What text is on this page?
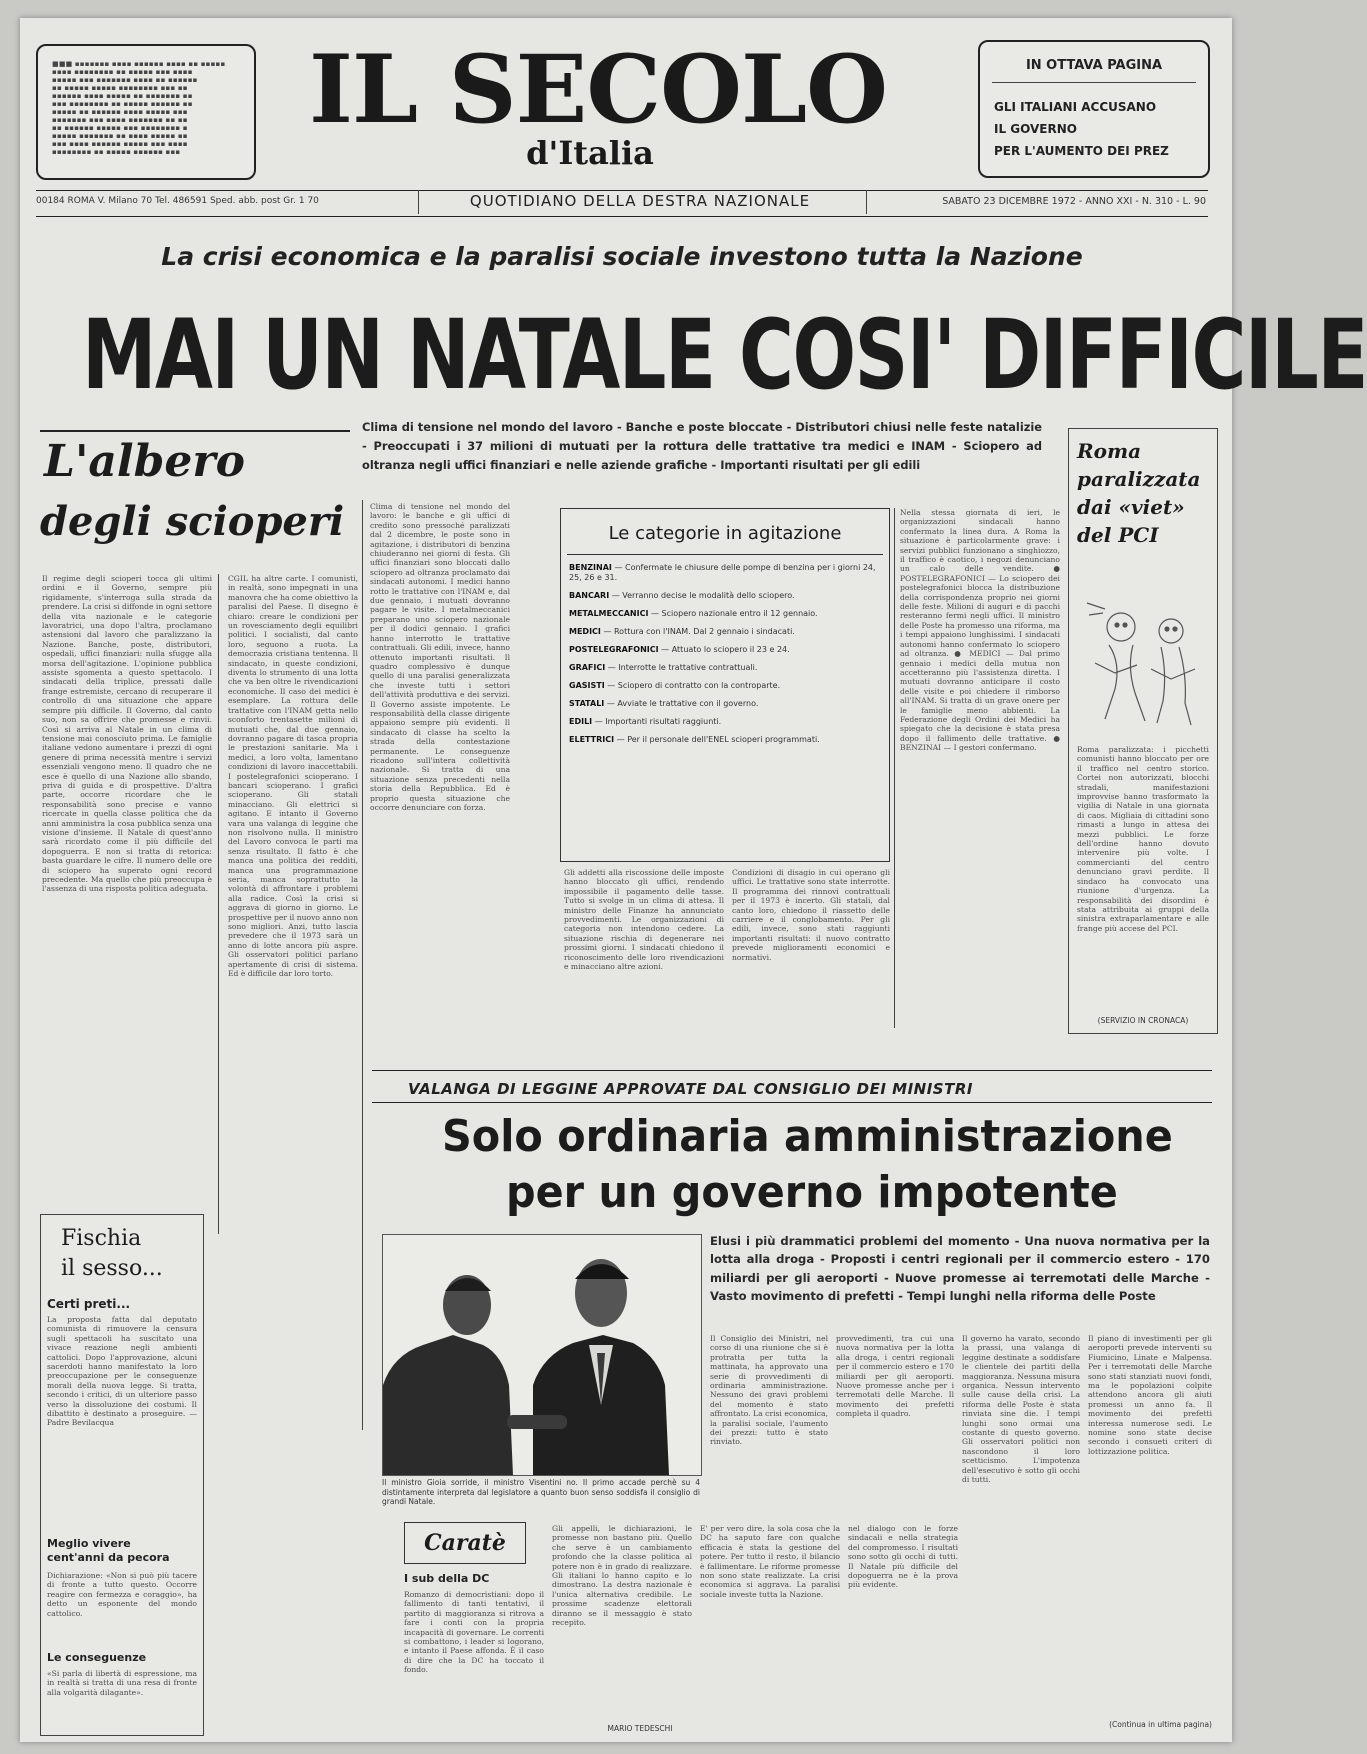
■■■ ▪▪▪▪▪▪▪ ▪▪▪▪ ▪▪▪▪▪▪ ▪▪▪▪ ▪▪ ▪▪▪▪▪
▪▪▪▪ ▪▪▪▪▪▪▪▪ ▪▪ ▪▪▪▪▪ ▪▪▪ ▪▪▪▪
▪▪▪▪▪ ▪▪▪ ▪▪▪▪▪▪▪ ▪▪▪▪ ▪▪ ▪▪▪▪▪▪
▪▪ ▪▪▪▪▪ ▪▪▪▪▪ ▪▪▪▪▪▪▪▪ ▪▪▪ ▪▪
▪▪▪▪▪▪ ▪▪▪▪ ▪▪▪▪▪ ▪▪ ▪▪▪▪▪▪▪ ▪▪
▪▪▪ ▪▪▪▪▪▪▪▪ ▪▪ ▪▪▪▪▪ ▪▪▪▪▪▪ ▪▪
▪▪▪▪▪ ▪▪ ▪▪▪▪▪▪ ▪▪▪▪ ▪▪▪▪▪ ▪▪▪
▪▪▪▪▪▪▪ ▪▪▪ ▪▪▪▪ ▪▪▪▪▪▪▪ ▪▪ ▪▪
▪▪ ▪▪▪▪▪▪ ▪▪▪▪▪ ▪▪▪ ▪▪▪▪▪▪▪▪ ▪
▪▪▪▪▪ ▪▪▪▪▪▪▪ ▪▪ ▪▪▪▪ ▪▪▪▪▪ ▪▪
▪▪▪ ▪▪▪▪ ▪▪▪▪▪▪ ▪▪▪▪▪ ▪▪▪ ▪▪▪▪
▪▪▪▪▪▪▪▪ ▪▪ ▪▪▪▪▪ ▪▪▪▪▪▪ ▪▪▪
IL SECOLO
d'Italia
IN OTTAVA PAGINA
GLI ITALIANI ACCUSANO
IL GOVERNO
PER L'AUMENTO DEI PREZ
00184 ROMA V. Milano 70 Tel. 486591 Sped. abb. post Gr. 1 70	QUOTIDIANO DELLA DESTRA NAZIONALE	SABATO 23 DICEMBRE 1972 - ANNO XXI - N. 310 - L. 90
La crisi economica e la paralisi sociale investono tutta la Nazione
MAI UN NATALE COSI' DIFFICILE
Clima di tensione nel mondo del lavoro - Banche e poste bloccate - Distributori chiusi nelle feste natalizie - Preoccupati i 37 milioni di mutuati per la rottura delle trattative tra medici e INAM - Sciopero ad oltranza negli uffici finanziari e nelle aziende grafiche - Importanti risultati per gli edili
L'albero
degli scioperi
Il regime degli scioperi tocca gli ultimi ordini e il Governo, sempre più rigidamente, s'interroga sulla strada da prendere. La crisi si diffonde in ogni settore della vita nazionale e le categorie lavoratrici, una dopo l'altra, proclamano astensioni dal lavoro che paralizzano la Nazione. Banche, poste, distributori, ospedali, uffici finanziari: nulla sfugge alla morsa dell'agitazione. L'opinione pubblica assiste sgomenta a questo spettacolo. I sindacati della triplice, pressati dalle frange estremiste, cercano di recuperare il controllo di una situazione che appare sempre più difficile. Il Governo, dal canto suo, non sa offrire che promesse e rinvii. Così si arriva al Natale in un clima di tensione mai conosciuto prima. Le famiglie italiane vedono aumentare i prezzi di ogni genere di prima necessità mentre i servizi essenziali vengono meno. Il quadro che ne esce è quello di una Nazione allo sbando, priva di guida e di prospettive. D'altra parte, occorre ricordare che le responsabilità sono precise e vanno ricercate in quella classe politica che da anni amministra la cosa pubblica senza una visione d'insieme. Il Natale di quest'anno sarà ricordato come il più difficile del dopoguerra. E non si tratta di retorica: basta guardare le cifre. Il numero delle ore di sciopero ha superato ogni record precedente. Ma quello che più preoccupa è l'assenza di una risposta politica adeguata.
CGIL ha altre carte. I comunisti, in realtà, sono impegnati in una manovra che ha come obiettivo la paralisi del Paese. Il disegno è chiaro: creare le condizioni per un rovesciamento degli equilibri politici. I socialisti, dal canto loro, seguono a ruota. La democrazia cristiana tentenna. Il sindacato, in queste condizioni, diventa lo strumento di una lotta che va ben oltre le rivendicazioni economiche. Il caso dei medici è esemplare. La rottura delle trattative con l'INAM getta nello sconforto trentasette milioni di mutuati che, dal due gennaio, dovranno pagare di tasca propria le prestazioni sanitarie. Ma i medici, a loro volta, lamentano condizioni di lavoro inaccettabili. I postelegrafonici scioperano. I bancari scioperano. I grafici scioperano. Gli statali minacciano. Gli elettrici si agitano. E intanto il Governo vara una valanga di leggine che non risolvono nulla. Il ministro del Lavoro convoca le parti ma senza risultato. Il fatto è che manca una politica dei redditi, manca una programmazione seria, manca soprattutto la volontà di affrontare i problemi alla radice. Così la crisi si aggrava di giorno in giorno. Le prospettive per il nuovo anno non sono migliori. Anzi, tutto lascia prevedere che il 1973 sarà un anno di lotte ancora più aspre. Gli osservatori politici parlano apertamente di crisi di sistema. Ed è difficile dar loro torto.
Clima di tensione nel mondo del lavoro: le banche e gli uffici di credito sono pressoché paralizzati dal 2 dicembre, le poste sono in agitazione, i distributori di benzina chiuderanno nei giorni di festa. Gli uffici finanziari sono bloccati dallo sciopero ad oltranza proclamato dai sindacati autonomi. I medici hanno rotto le trattative con l'INAM e, dal due gennaio, i mutuati dovranno pagare le visite. I metalmeccanici preparano uno sciopero nazionale per il dodici gennaio. I grafici hanno interrotto le trattative contrattuali. Gli edili, invece, hanno ottenuto importanti risultati. Il quadro complessivo è dunque quello di una paralisi generalizzata che investe tutti i settori dell'attività produttiva e dei servizi. Il Governo assiste impotente. Le responsabilità della classe dirigente appaiono sempre più evidenti. Il sindacato di classe ha scelto la strada della contestazione permanente. Le conseguenze ricadono sull'intera collettività nazionale. Si tratta di una situazione senza precedenti nella storia della Repubblica. Ed è proprio questa situazione che occorre denunciare con forza.
Le categorie in agitazione
BENZINAI — Confermate le chiusure delle pompe di benzina per i giorni 24, 25, 26 e 31.
BANCARI — Verranno decise le modalità dello sciopero.
METALMECCANICI — Sciopero nazionale entro il 12 gennaio.
MEDICI — Rottura con l'INAM. Dal 2 gennaio i sindacati.
POSTELEGRAFONICI — Attuato lo sciopero il 23 e 24.
GRAFICI — Interrotte le trattative contrattuali.
GASISTI — Sciopero di contratto con la controparte.
STATALI — Avviate le trattative con il governo.
EDILI — Importanti risultati raggiunti.
ELETTRICI — Per il personale dell'ENEL scioperi programmati.
Nella stessa giornata di ieri, le organizzazioni sindacali hanno confermato la linea dura. A Roma la situazione è particolarmente grave: i servizi pubblici funzionano a singhiozzo, il traffico è caotico, i negozi denunciano un calo delle vendite. ● POSTELEGRAFONICI — Lo sciopero dei postelegrafonici blocca la distribuzione della corrispondenza proprio nei giorni delle feste. Milioni di auguri e di pacchi resteranno fermi negli uffici. Il ministro delle Poste ha promesso una riforma, ma i tempi appaiono lunghissimi. I sindacati autonomi hanno confermato lo sciopero ad oltranza. ● MEDICI — Dal primo gennaio i medici della mutua non accetteranno più l'assistenza diretta. I mutuati dovranno anticipare il costo delle visite e poi chiedere il rimborso all'INAM. Si tratta di un grave onere per le famiglie meno abbienti. La Federazione degli Ordini dei Medici ha spiegato che la decisione è stata presa dopo il fallimento delle trattative. ● BENZINAI — I gestori confermano.
Roma paralizzata dai «viet» del PCI
Roma paralizzata: i picchetti comunisti hanno bloccato per ore il traffico nel centro storico. Cortei non autorizzati, blocchi stradali, manifestazioni improvvise hanno trasformato la vigilia di Natale in una giornata di caos. Migliaia di cittadini sono rimasti a lungo in attesa dei mezzi pubblici. Le forze dell'ordine hanno dovuto intervenire più volte. I commercianti del centro denunciano gravi perdite. Il sindaco ha convocato una riunione d'urgenza. La responsabilità dei disordini è stata attribuita ai gruppi della sinistra extraparlamentare e alle frange più accese del PCI.
(SERVIZIO IN CRONACA)
Gli addetti alla riscossione delle imposte hanno bloccato gli uffici, rendendo impossibile il pagamento delle tasse. Tutto si svolge in un clima di attesa. Il ministro delle Finanze ha annunciato provvedimenti. Le organizzazioni di categoria non intendono cedere. La situazione rischia di degenerare nei prossimi giorni. I sindacati chiedono il riconoscimento delle loro rivendicazioni e minacciano altre azioni.
Condizioni di disagio in cui operano gli uffici. Le trattative sono state interrotte. Il programma dei rinnovi contrattuali per il 1973 è incerto. Gli statali, dal canto loro, chiedono il riassetto delle carriere e il conglobamento. Per gli edili, invece, sono stati raggiunti importanti risultati: il nuovo contratto prevede miglioramenti economici e normativi.
VALANGA DI LEGGINE APPROVATE DAL CONSIGLIO DEI MINISTRI
Solo ordinaria amministrazione
per un governo impotente
Il ministro Gioia sorride, il ministro Visentini no. Il primo accade perchè su 4 distintamente interpreta dal legislatore a quanto buon senso soddisfa il consiglio di grandi Natale.
Elusi i più drammatici problemi del momento - Una nuova normativa per la lotta alla droga - Proposti i centri regionali per il commercio estero - 170 miliardi per gli aeroporti - Nuove promesse ai terremotati delle Marche - Vasto movimento di prefetti - Tempi lunghi nella riforma delle Poste
Il Consiglio dei Ministri, nel corso di una riunione che si è protratta per tutta la mattinata, ha approvato una serie di provvedimenti di ordinaria amministrazione. Nessuno dei gravi problemi del momento è stato affrontato. La crisi economica, la paralisi sociale, l'aumento dei prezzi: tutto è stato rinviato.
provvedimenti, tra cui una nuova normativa per la lotta alla droga, i centri regionali per il commercio estero e 170 miliardi per gli aeroporti. Nuove promesse anche per i terremotati delle Marche. Il movimento dei prefetti completa il quadro.
Il governo ha varato, secondo la prassi, una valanga di leggine destinate a soddisfare le clientele dei partiti della maggioranza. Nessuna misura organica. Nessun intervento sulle cause della crisi. La riforma delle Poste è stata rinviata sine die. I tempi lunghi sono ormai una costante di questo governo. Gli osservatori politici non nascondono il loro scetticismo. L'impotenza dell'esecutivo è sotto gli occhi di tutti.
Il piano di investimenti per gli aeroporti prevede interventi su Fiumicino, Linate e Malpensa. Per i terremotati delle Marche sono stati stanziati nuovi fondi, ma le popolazioni colpite attendono ancora gli aiuti promessi un anno fa. Il movimento dei prefetti interessa numerose sedi. Le nomine sono state decise secondo i consueti criteri di lottizzazione politica.
(Continua in ultima pagina)
Caratè
I sub della DC
Romanzo di democristiani: dopo il fallimento di tanti tentativi, il partito di maggioranza si ritrova a fare i conti con la propria incapacità di governare. Le correnti si combattono, i leader si logorano, e intanto il Paese affonda. È il caso di dire che la DC ha toccato il fondo.
Gli appelli, le dichiarazioni, le promesse non bastano più. Quello che serve è un cambiamento profondo che la classe politica al potere non è in grado di realizzare. Gli italiani lo hanno capito e lo dimostrano. La destra nazionale è l'unica alternativa credibile. Le prossime scadenze elettorali diranno se il messaggio è stato recepito.
E' per vero dire, la sola cosa che la DC ha saputo fare con qualche efficacia è stata la gestione del potere. Per tutto il resto, il bilancio è fallimentare. Le riforme promesse non sono state realizzate. La crisi economica si aggrava. La paralisi sociale investe tutta la Nazione.
nel dialogo con le forze sindacali e nella strategia del compromesso. I risultati sono sotto gli occhi di tutti. Il Natale più difficile del dopoguerra ne è la prova più evidente.
MARIO TEDESCHI
Fischia
il sesso...
Certi preti...
La proposta fatta dal deputato comunista di rimuovere la censura sugli spettacoli ha suscitato una vivace reazione negli ambienti cattolici. Dopo l'approvazione, alcuni sacerdoti hanno manifestato la loro preoccupazione per le conseguenze morali della nuova legge. Si tratta, secondo i critici, di un ulteriore passo verso la dissoluzione dei costumi. Il dibattito è destinato a proseguire. — Padre Bevilacqua
Meglio vivere
cent'anni da pecora
Dichiarazione: «Non si può più tacere di fronte a tutto questo. Occorre reagire con fermezza e coraggio», ha detto un esponente del mondo cattolico.
Le conseguenze
«Si parla di libertà di espressione, ma in realtà si tratta di una resa di fronte alla volgarità dilagante».
